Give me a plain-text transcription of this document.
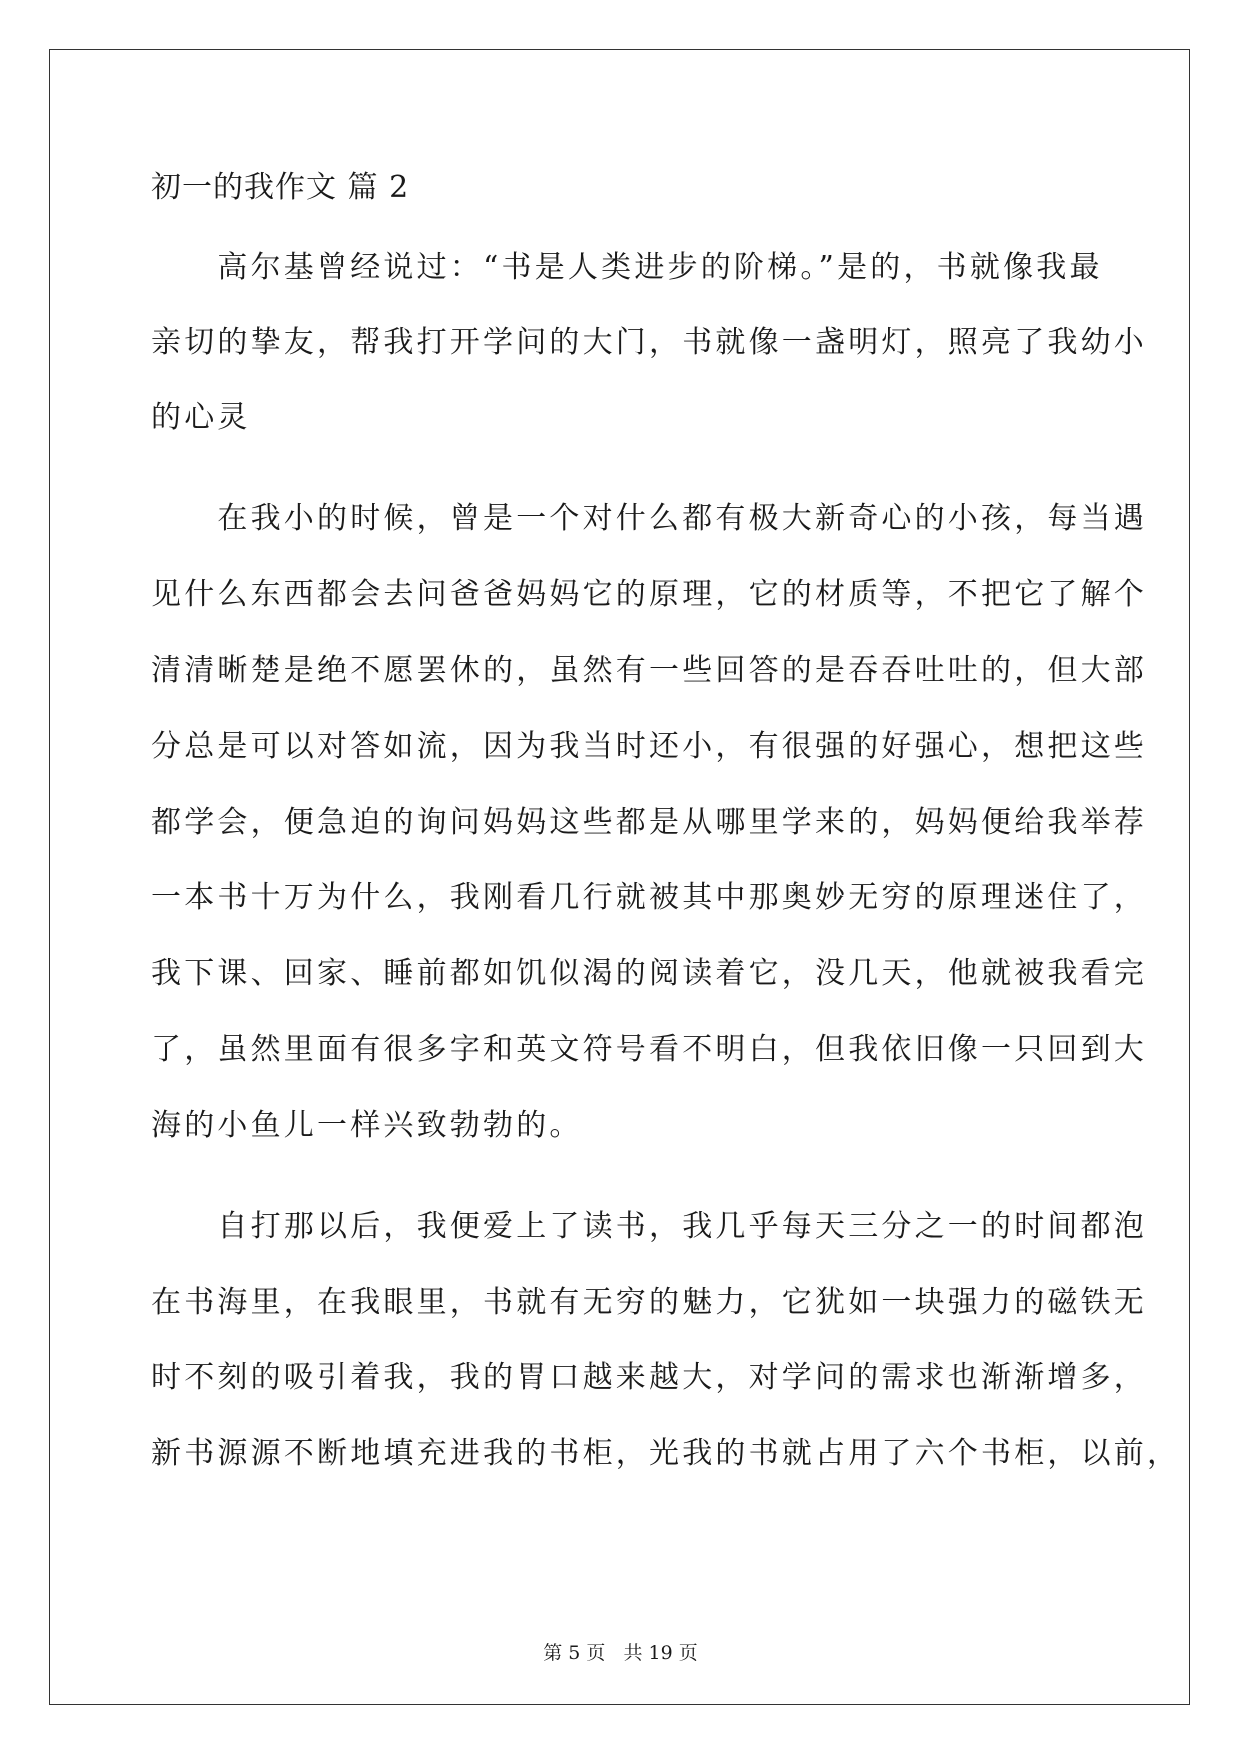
初一的我作文 篇 2
　　高尔基曾经说过：“书是人类进步的阶梯。”是的，书就像我最
亲切的挚友，帮我打开学问的大门，书就像一盏明灯，照亮了我幼小
的心灵
　　在我小的时候，曾是一个对什么都有极大新奇心的小孩，每当遇
见什么东西都会去问爸爸妈妈它的原理，它的材质等，不把它了解个
清清晰楚是绝不愿罢休的，虽然有一些回答的是吞吞吐吐的，但大部
分总是可以对答如流，因为我当时还小，有很强的好强心，想把这些
都学会，便急迫的询问妈妈这些都是从哪里学来的，妈妈便给我举荐
一本书十万为什么，我刚看几行就被其中那奥妙无穷的原理迷住了，
我下课、回家、睡前都如饥似渴的阅读着它，没几天，他就被我看完
了，虽然里面有很多字和英文符号看不明白，但我依旧像一只回到大
海的小鱼儿一样兴致勃勃的。
　　自打那以后，我便爱上了读书，我几乎每天三分之一的时间都泡
在书海里，在我眼里，书就有无穷的魅力，它犹如一块强力的磁铁无
时不刻的吸引着我，我的胃口越来越大，对学问的需求也渐渐增多，
新书源源不断地填充进我的书柜，光我的书就占用了六个书柜，以前，
第 5 页 共 19 页
